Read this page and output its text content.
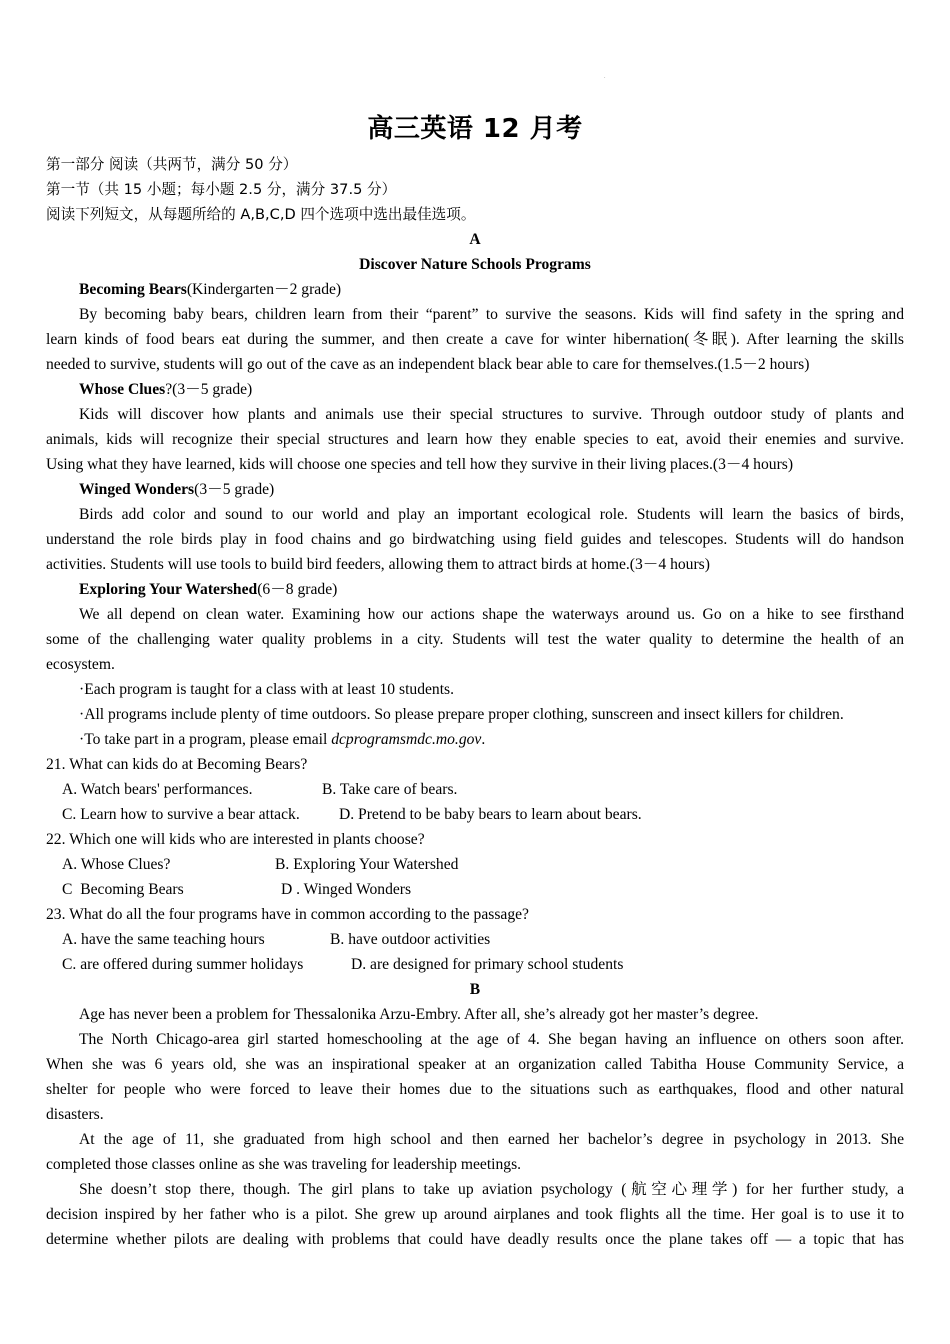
.
高三英语 12 月考
第一部分 阅读（共两节，满分 50 分）
第一节（共 15 小题；每小题 2.5 分，满分 37.5 分）
阅读下列短文，从每题所给的 A,B,C,D 四个选项中选出最佳选项。
A
Discover Nature Schools Programs
Becoming Bears(Kindergarten－2 grade)
By becoming baby bears, children learn from their “parent” to survive the seasons. Kids will find safety in the spring and
learn kinds of food bears eat during the summer, and then create a cave for winter hibernation(冬眠). After learning the skills
needed to survive, students will go out of the cave as an independent black bear able to care for themselves.(1.5－2 hours)
Whose Clues?(3－5 grade)
Kids will discover how plants and animals use their special structures to survive. Through outdoor study of plants and
animals, kids will recognize their special structures and learn how they enable species to eat, avoid their enemies and survive.
Using what they have learned, kids will choose one species and tell how they survive in their living places.(3－4 hours)
Winged Wonders(3－5 grade)
Birds add color and sound to our world and play an important ecological role. Students will learn the basics of birds,
understand the role birds play in food chains and go birdwatching using field guides and telescopes. Students will do handson
activities. Students will use tools to build bird feeders, allowing them to attract birds at home.(3－4 hours)
Exploring Your Watershed(6－8 grade)
We all depend on clean water. Examining how our actions shape the waterways around us. Go on a hike to see firsthand
some of the challenging water quality problems in a city. Students will test the water quality to determine the health of an
ecosystem.
·Each program is taught for a class with at least 10 students.
·All programs include plenty of time outdoors. So please prepare proper clothing, sunscreen and insect killers for children.
·To take part in a program, please email dcprogramsmdc.mo.gov.
21. What can kids do at Becoming Bears?
A. Watch bears' performances.	B. Take care of bears.
C. Learn how to survive a bear attack.	D. Pretend to be baby bears to learn about bears.
22. Which one will kids who are interested in plants choose?
A. Whose Clues?	B. Exploring Your Watershed
C  Becoming Bears	D . Winged Wonders
23. What do all the four programs have in common according to the passage?
A. have the same teaching hours	B. have outdoor activities
C. are offered during summer holidays	D. are designed for primary school students
B
Age has never been a problem for Thessalonika Arzu-Embry. After all, she’s already got her master’s degree.
The North Chicago-area girl started homeschooling at the age of 4. She began having an influence on others soon after.
When she was 6 years old, she was an inspirational speaker at an organization called Tabitha House Community Service, a
shelter for people who were forced to leave their homes due to the situations such as earthquakes, flood and other natural
disasters.
At the age of 11, she graduated from high school and then earned her bachelor’s degree in psychology in 2013. She
completed those classes online as she was traveling for leadership meetings.
She doesn’t stop there, though. The girl plans to take up aviation psychology (航空心理学) for her further study, a
decision inspired by her father who is a pilot. She grew up around airplanes and took flights all the time. Her goal is to use it to
determine whether pilots are dealing with problems that could have deadly results once the plane takes off — a topic that has
